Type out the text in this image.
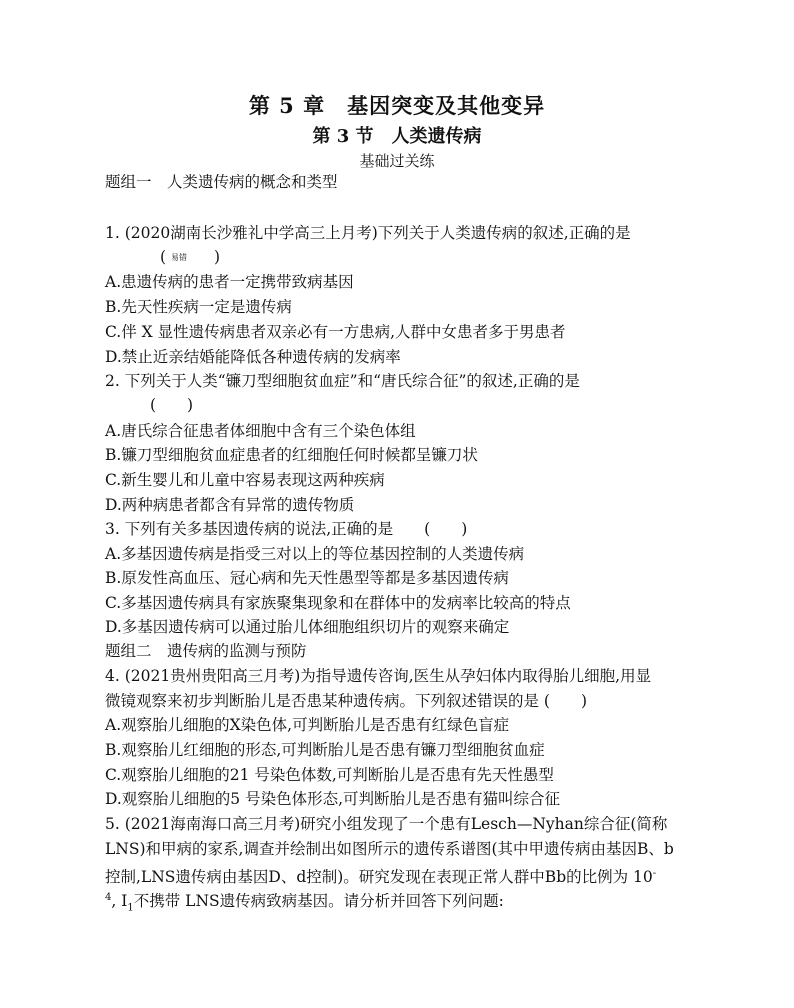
第 5 章　基因突变及其他变异
第 3 节　人类遗传病
基础过关练
题组一　人类遗传病的概念和类型
1. (2020湖南长沙雅礼中学高三上月考)下列关于人类遗传病的叙述,正确的是
( 易错 )
A.患遗传病的患者一定携带致病基因
B.先天性疾病一定是遗传病
C.伴 X 显性遗传病患者双亲必有一方患病,人群中女患者多于男患者
D.禁止近亲结婚能降低各种遗传病的发病率
2. 下列关于人类“镰刀型细胞贫血症”和“唐氏综合征”的叙述,正确的是
(　　)
A.唐氏综合征患者体细胞中含有三个染色体组
B.镰刀型细胞贫血症患者的红细胞任何时候都呈镰刀状
C.新生婴儿和儿童中容易表现这两种疾病
D.两种病患者都含有异常的遗传物质
3. 下列有关多基因遗传病的说法,正确的是　　(　　)
A.多基因遗传病是指受三对以上的等位基因控制的人类遗传病
B.原发性高血压、冠心病和先天性愚型等都是多基因遗传病
C.多基因遗传病具有家族聚集现象和在群体中的发病率比较高的特点
D.多基因遗传病可以通过胎儿体细胞组织切片的观察来确定
题组二　遗传病的监测与预防
4. (2021贵州贵阳高三月考)为指导遗传咨询,医生从孕妇体内取得胎儿细胞,用显
微镜观察来初步判断胎儿是否患某种遗传病。下列叙述错误的是 (　　)
A.观察胎儿细胞的X染色体,可判断胎儿是否患有红绿色盲症
B.观察胎儿红细胞的形态,可判断胎儿是否患有镰刀型细胞贫血症
C.观察胎儿细胞的21 号染色体数,可判断胎儿是否患有先天性愚型
D.观察胎儿细胞的5 号染色体形态,可判断胎儿是否患有猫叫综合征
5. (2021海南海口高三月考)研究小组发现了一个患有Lesch—Nyhan综合征(简称
LNS)和甲病的家系,调查并绘制出如图所示的遗传系谱图(其中甲遗传病由基因B、b
控制,LNS遗传病由基因D、d控制)。研究发现在表现正常人群中Bb的比例为 10-
$^4$, $Ⅰ_1$不携带 LNS遗传病致病基因。请分析并回答下列问题:
